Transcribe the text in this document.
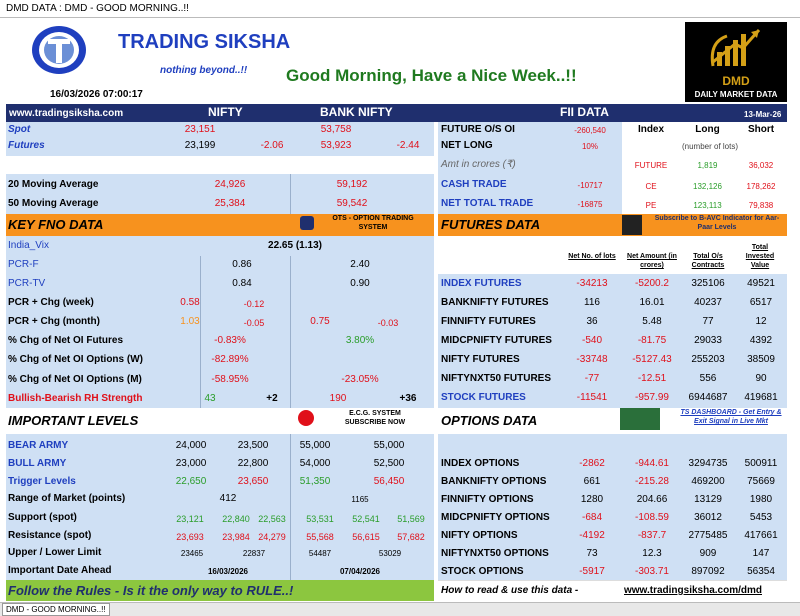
DMD DATA : DMD - GOOD MORNING..!!
TRADING SIKSHA
nothing beyond..!! Good Morning, Have a Nice Week..!!
16/03/2026 07:00:17
DMD
DAILY MARKET DATA
www.tradingsiksha.com	NIFTY	BANK NIFTY	FII DATA	13-Mar-26
Spot	23,151	53,758
Futures	23,199	-2.06	53,923	-2.44
20 Moving Average	24,926	59,192
50 Moving Average	25,384	59,542
KEY FNO DATA	OTS - OPTION TRADING SYSTEM
India_Vix	22.65 (1.13)
PCR-F	0.86	2.40
PCR-TV	0.84	0.90
PCR + Chg (week)	0.58	-0.12
PCR + Chg (month)	1.03	-0.05	0.75	-0.03
% Chg of Net OI Futures	-0.83%	3.80%
% Chg of Net OI Options (W)	-82.89%
% Chg of Net OI Options (M)	-58.95%	-23.05%
Bullish-Bearish RH Strength	43	+2	190	+36
IMPORTANT LEVELS	E.C.G. SYSTEM SUBSCRIBE NOW
BEAR ARMY	24,000	23,500	55,000	55,000
BULL ARMY	23,000	22,800	54,000	52,500
Trigger Levels	22,650	23,650	51,350	56,450
Range of Market (points)	412	1165
Support (spot)	23,121	22,840 22,563	53,531	52,541	51,569
Resistance (spot)	23,693	23,984 24,279	55,568	56,615	57,682
Upper / Lower Limit	23465	22837	54487	53029
Important Date Ahead	16/03/2026	07/04/2026
Follow the Rules - Is it the only way to RULE..!
FUTURE O/S OI	-260,540
NET LONG	10%
Amt in crores (₹)
CASH TRADE	-10717
NET TOTAL TRADE	-16875
Index	Long	Short
(number of lots)
FUTURE	1,819	36,032
CE	132,126	178,262
PE	123,113	79,838
FUTURES DATA	Subscribe to B-AVC Indicator for Aar-Paar Levels
Net No. of lots	Net Amount (in crores)
Total O/s Contracts
Total Invested Value
INDEX FUTURES	-34213	-5200.2	325106	49521
BANKNIFTY FUTURES	116	16.01	40237	6517
FINNIFTY FUTURES	36	5.48	77	12
MIDCPNIFTY FUTURES	-540	-81.75	29033	4392
NIFTY FUTURES	-33748	-5127.43	255203	38509
NIFTYNXT50 FUTURES	-77	-12.51	556	90
STOCK FUTURES	-11541	-957.99	6944687	419681
OPTIONS DATA
TS DASHBOARD - Get Entry & Exit Signal in Live Mkt
INDEX OPTIONS	-2862	-944.61	3294735	500911
BANKNIFTY OPTIONS	661	-215.28	469200	75669
FINNIFTY OPTIONS	1280	204.66	13129	1980
MIDCPNIFTY OPTIONS	-684	-108.59	36012	5453
NIFTY OPTIONS	-4192	-837.7	2775485	417661
NIFTYNXT50 OPTIONS	73	12.3	909	147
STOCK OPTIONS	-5917	-303.71	897092	56354
How to read & use this data -	www.tradingsiksha.com/dmd
DMD - GOOD MORNING..!!
